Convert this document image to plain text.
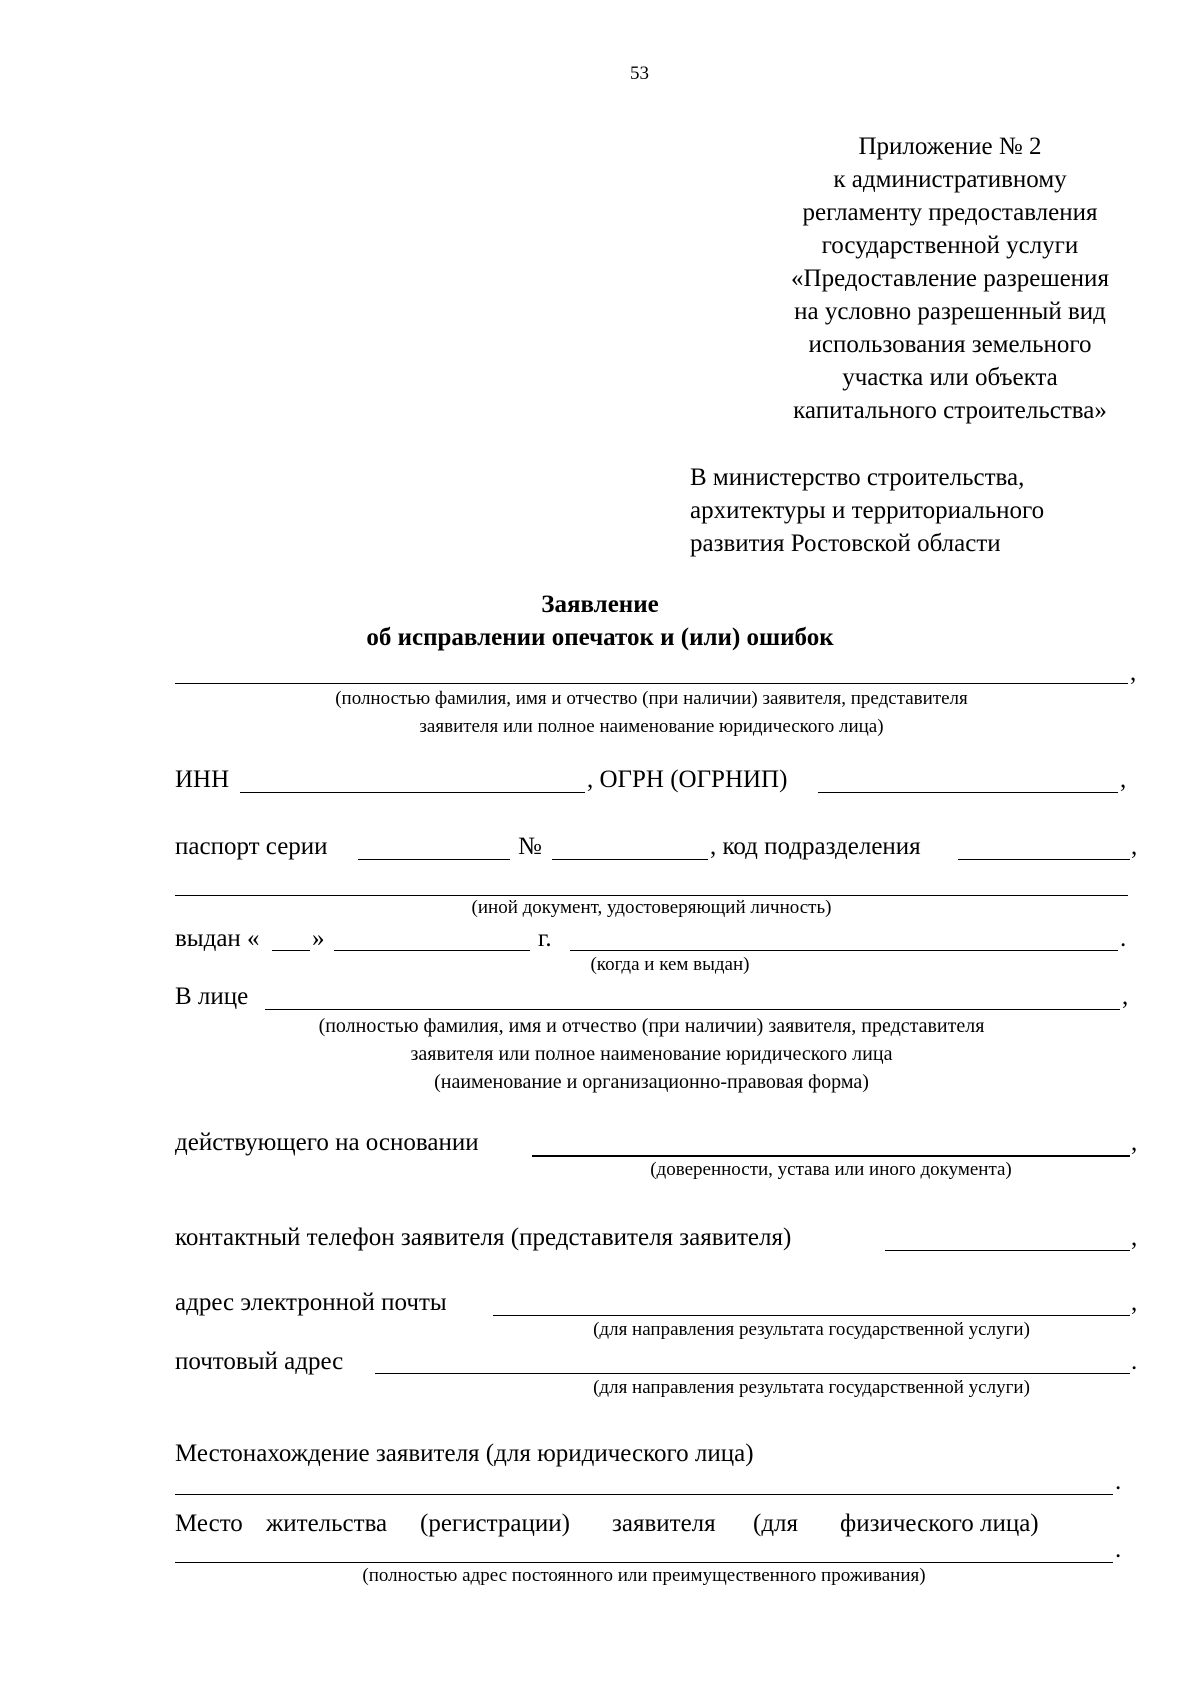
53
Приложение № 2
к административному
регламенту предоставления
государственной услуги
«Предоставление разрешения
на условно разрешенный вид
использования земельного
участка или объекта
капитального строительства»
В министерство строительства,
архитектуры и территориального
развития Ростовской области
Заявление
об исправлении опечаток и (или) ошибок
,
(полностью фамилия, имя и отчество (при наличии) заявителя, представителя
заявителя или полное наименование юридического лица)
ИНН	, ОГРН (ОГРНИП)	,
паспорт серии	№	, код подразделения	,
(иной документ, удостоверяющий личность)
выдан « »	г.	.
(когда и кем выдан)
В лице	,
(полностью фамилия, имя и отчество (при наличии) заявителя, представителя
заявителя или полное наименование юридического лица
(наименование и организационно-правовая форма)
действующего на основании	,
(доверенности, устава или иного документа)
контактный телефон заявителя (представителя заявителя)	,
адрес электронной почты	,
(для направления результата государственной услуги)
почтовый адрес	.
(для направления результата государственной услуги)
Местонахождение заявителя (для юридического лица)
.
Место жительства (регистрации) заявителя (для физического лица)
.
(полностью адрес постоянного или преимущественного проживания)
